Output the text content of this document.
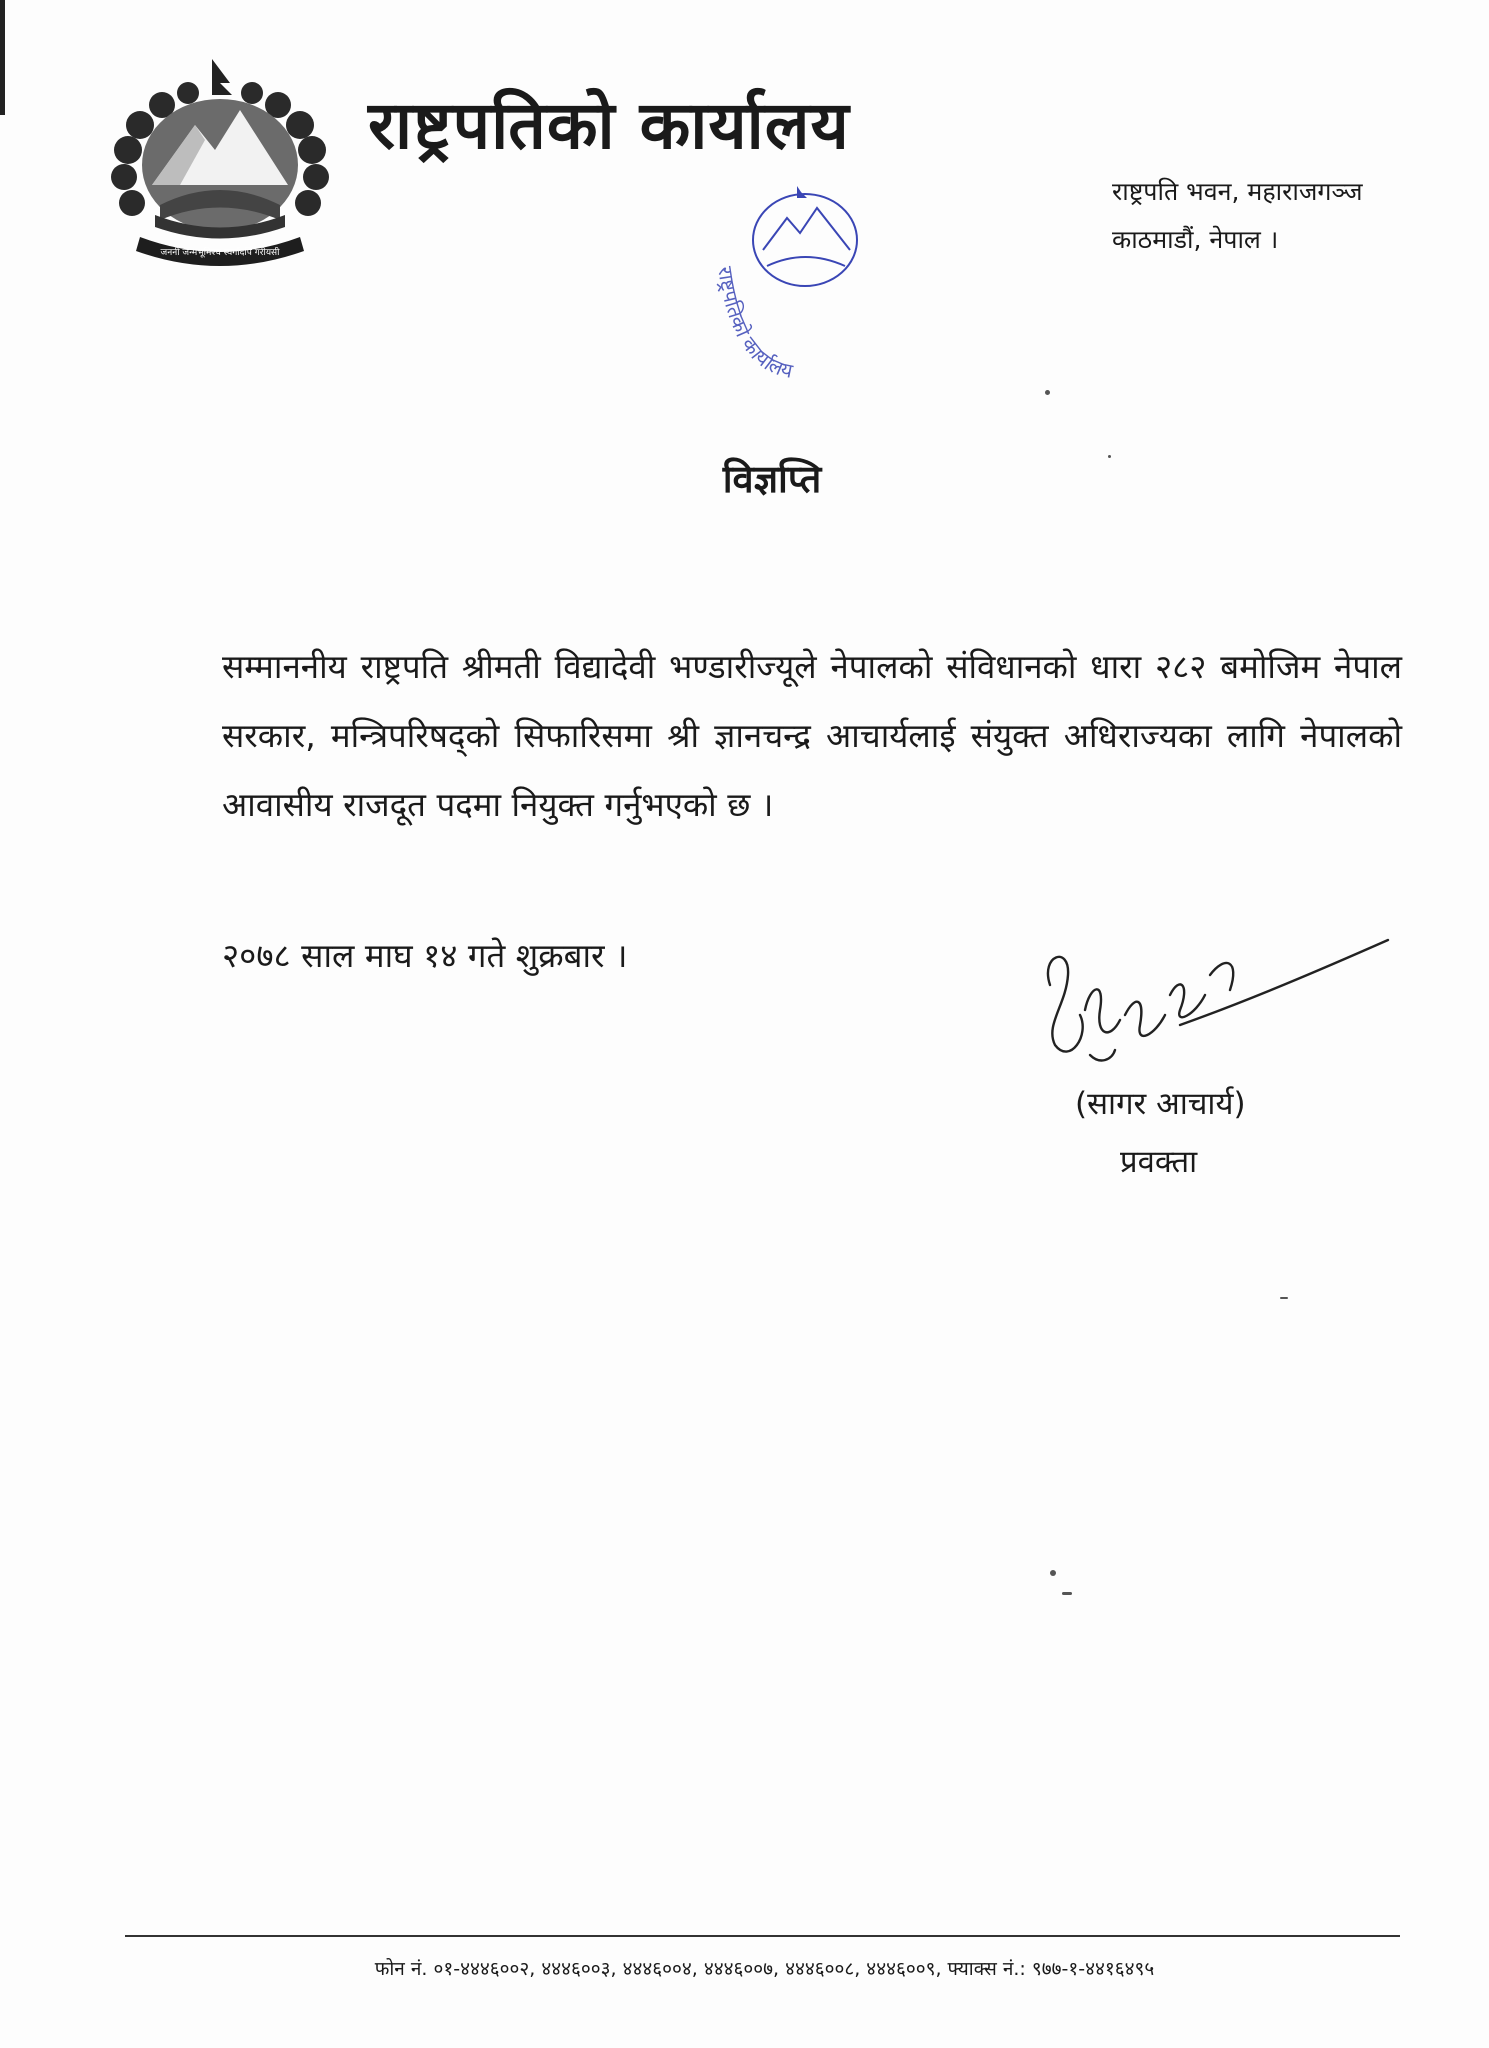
जननी जन्मभूमिश्च स्वर्गादपि गरीयसी
राष्ट्रपतिको कार्यालय
राष्ट्रपति भवन, महाराजगञ्ज
काठमाडौं, नेपाल ।
राष्ट्रपतिको कार्यालय
विज्ञप्ति
सम्माननीय राष्ट्रपति श्रीमती विद्यादेवी भण्डारीज्यूले नेपालको संविधानको धारा २८२ बमोजिम नेपाल सरकार, मन्त्रिपरिषद्को सिफारिसमा श्री ज्ञानचन्द्र आचार्यलाई संयुक्त अधिराज्यका लागि नेपालको आवासीय राजदूत पदमा नियुक्त गर्नुभएको छ ।
२०७८ साल माघ १४ गते शुक्रबार ।
(सागर आचार्य)
प्रवक्ता
फोन नं. ०१-४४४६००२, ४४४६००३, ४४४६००४, ४४४६००७, ४४४६००८, ४४४६००९, फ्याक्स नं.: ९७७-१-४४१६४९५
